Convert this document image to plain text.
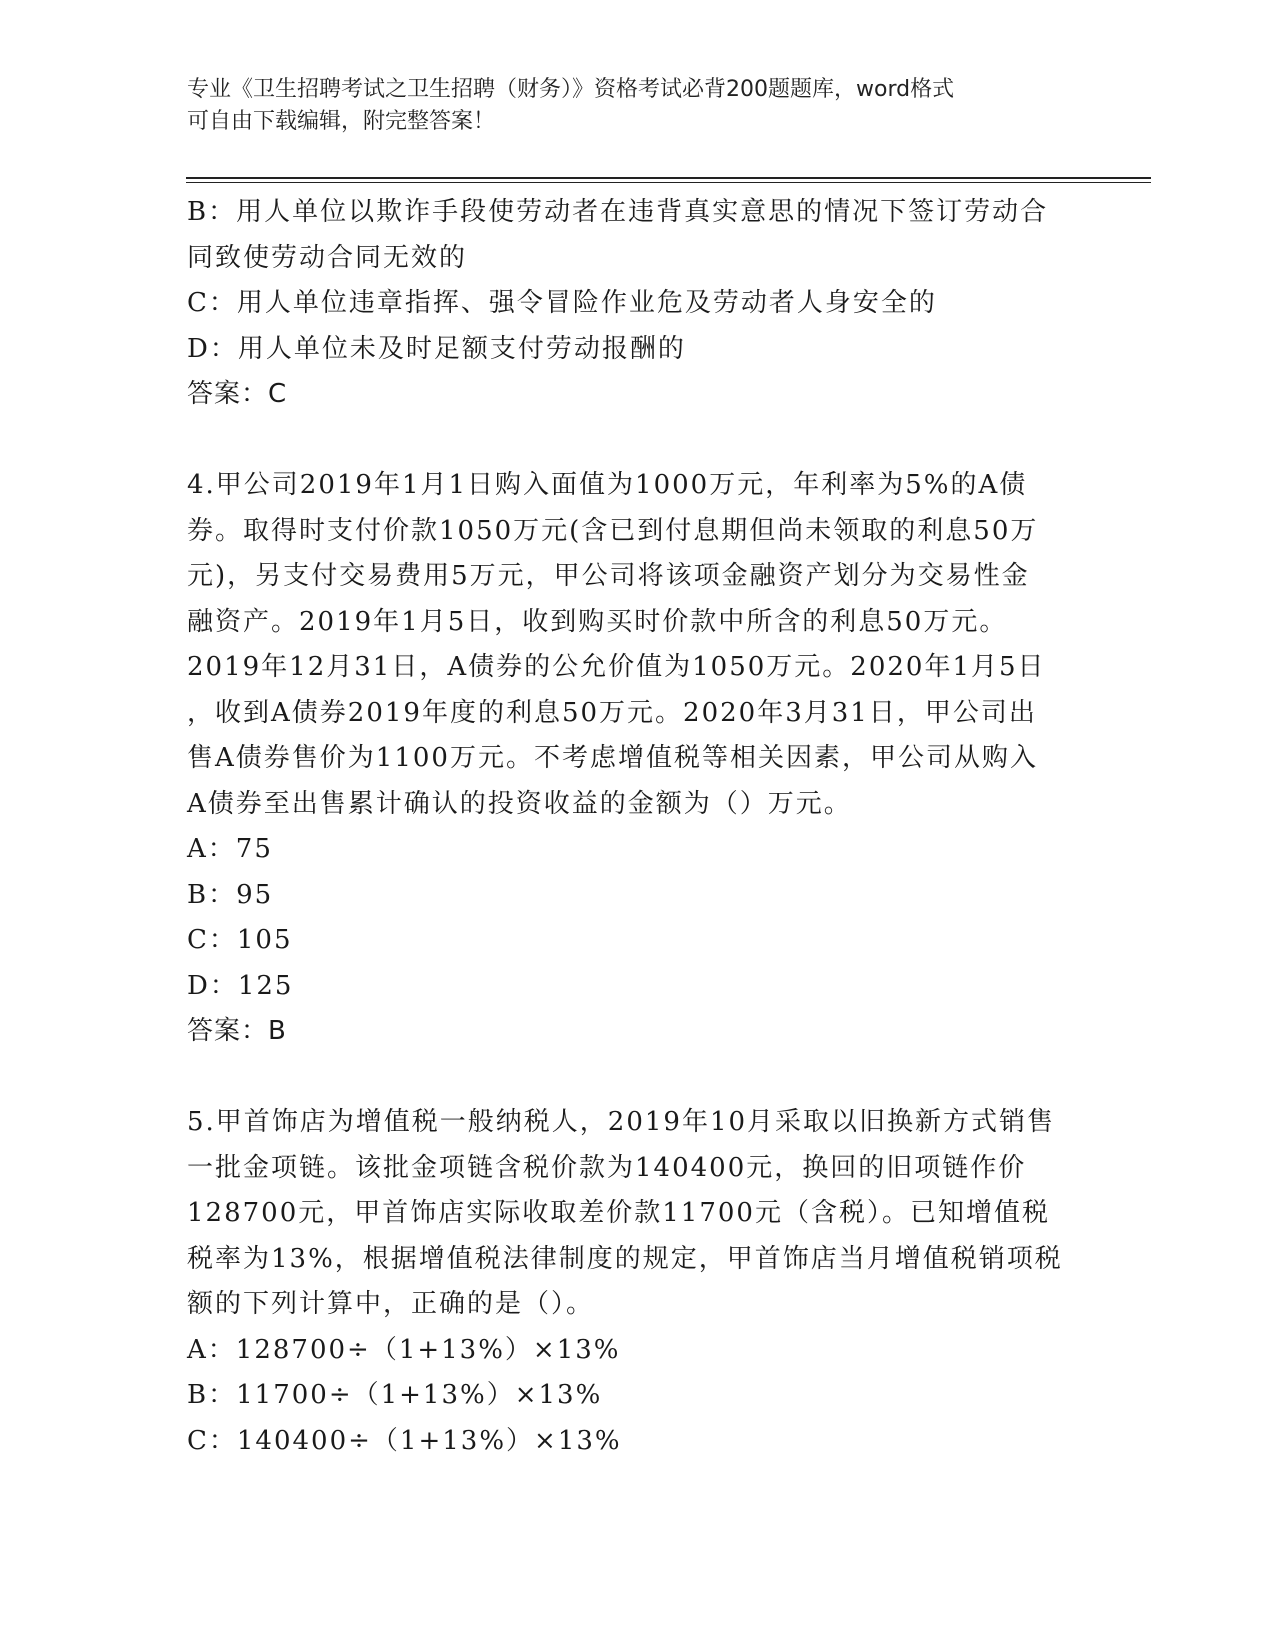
专业《卫生招聘考试之卫生招聘（财务）》资格考试必背200题题库，word格式
可自由下载编辑，附完整答案！
B：用人单位以欺诈手段使劳动者在违背真实意思的情况下签订劳动合
同致使劳动合同无效的
C：用人单位违章指挥、强令冒险作业危及劳动者人身安全的
D：用人单位未及时足额支付劳动报酬的
答案：C
4.甲公司2019年1月1日购入面值为1000万元，年利率为5%的A债
券。取得时支付价款1050万元(含已到付息期但尚未领取的利息50万
元)，另支付交易费用5万元，甲公司将该项金融资产划分为交易性金
融资产。2019年1月5日，收到购买时价款中所含的利息50万元。
2019年12月31日，A债券的公允价值为1050万元。2020年1月5日
，收到A债券2019年度的利息50万元。2020年3月31日，甲公司出
售A债券售价为1100万元。不考虑增值税等相关因素，甲公司从购入
A债券至出售累计确认的投资收益的金额为（）万元。
A：75
B：95
C：105
D：125
答案：B
5.甲首饰店为增值税一般纳税人，2019年10月采取以旧换新方式销售
一批金项链。该批金项链含税价款为140400元，换回的旧项链作价
128700元，甲首饰店实际收取差价款11700元（含税）。已知增值税
税率为13%，根据增值税法律制度的规定，甲首饰店当月增值税销项税
额的下列计算中，正确的是（）。
A：128700÷（1+13%）×13%
B：11700÷（1+13%）×13%
C：140400÷（1+13%）×13%
